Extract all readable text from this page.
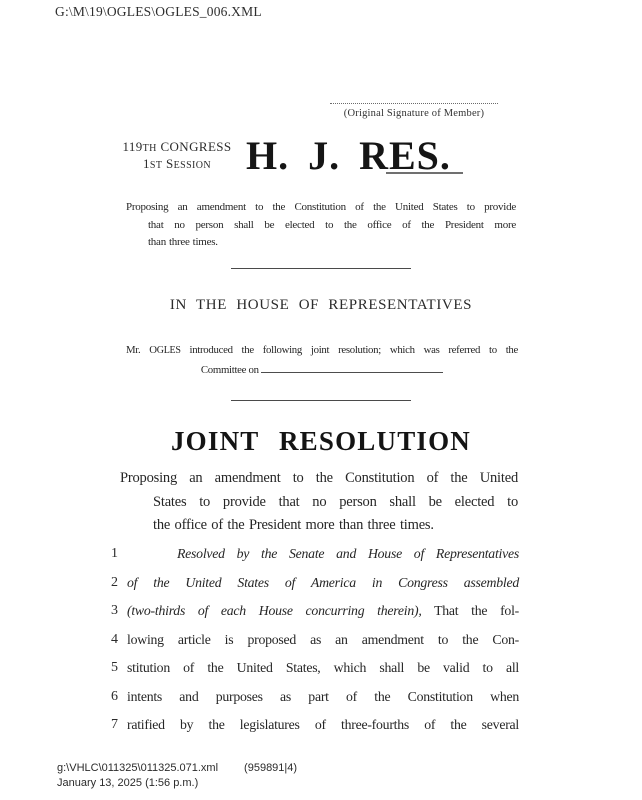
G:\M\19\OGLES\OGLES_006.XML
(Original Signature of Member)
119TH CONGRESS
1ST SESSION H. J. RES.
Proposing an amendment to the Constitution of the United States to provide
that no person shall be elected to the office of the President more
than three times.
IN THE HOUSE OF REPRESENTATIVES
Mr. OGLES introduced the following joint resolution; which was referred to the
Committee on
JOINT RESOLUTION
Proposing an amendment to the Constitution of the United
States to provide that no person shall be elected to
the office of the President more than three times.
1	Resolved by the Senate and House of Representatives
2 of the United States of America in Congress assembled
3 (two-thirds of each House concurring therein), That the fol-
4 lowing article is proposed as an amendment to the Con-
5 stitution of the United States, which shall be valid to all
6 intents and purposes as part of the Constitution when
7 ratified by the legislatures of three-fourths of the several
g:\VHLC\011325\011325.071.xml (959891|4)
January 13, 2025 (1:56 p.m.)
